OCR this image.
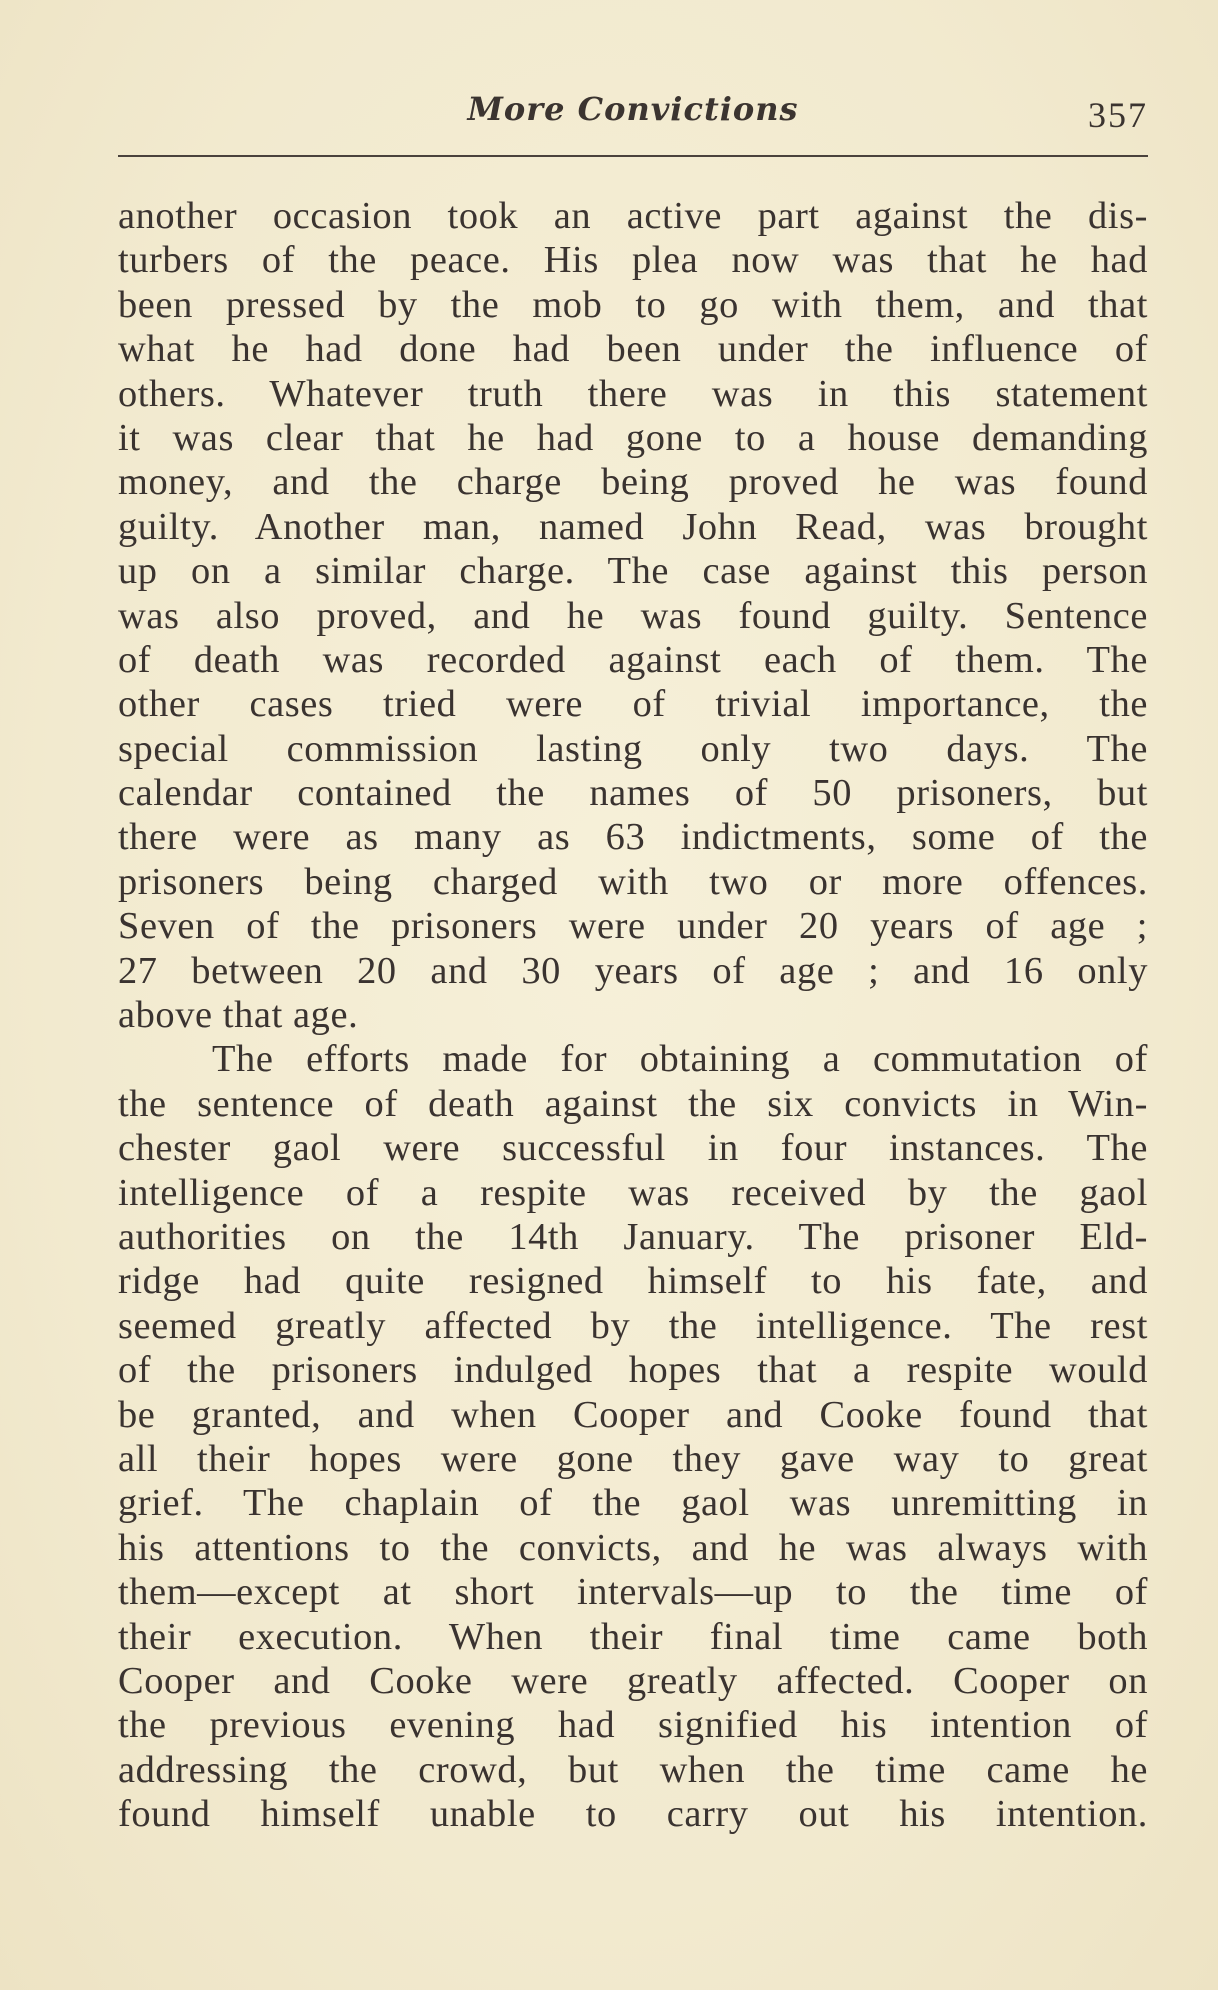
More Convictions	357
another occasion took an active part against the dis-
turbers of the peace. His plea now was that he had
been pressed by the mob to go with them, and that
what he had done had been under the influence of
others. Whatever truth there was in this statement
it was clear that he had gone to a house demanding
money, and the charge being proved he was found
guilty. Another man, named John Read, was brought
up on a similar charge. The case against this person
was also proved, and he was found guilty. Sentence
of death was recorded against each of them. The
other cases tried were of trivial importance, the
special commission lasting only two days. The
calendar contained the names of 50 prisoners, but
there were as many as 63 indictments, some of the
prisoners being charged with two or more offences.
Seven of the prisoners were under 20 years of age ;
27 between 20 and 30 years of age ; and 16 only
above that age.
The efforts made for obtaining a commutation of
the sentence of death against the six convicts in Win-
chester gaol were successful in four instances. The
intelligence of a respite was received by the gaol
authorities on the 14th January. The prisoner Eld-
ridge had quite resigned himself to his fate, and
seemed greatly affected by the intelligence. The rest
of the prisoners indulged hopes that a respite would
be granted, and when Cooper and Cooke found that
all their hopes were gone they gave way to great
grief. The chaplain of the gaol was unremitting in
his attentions to the convicts, and he was always with
them—except at short intervals—up to the time of
their execution. When their final time came both
Cooper and Cooke were greatly affected. Cooper on
the previous evening had signified his intention of
addressing the crowd, but when the time came he
found himself unable to carry out his intention.
